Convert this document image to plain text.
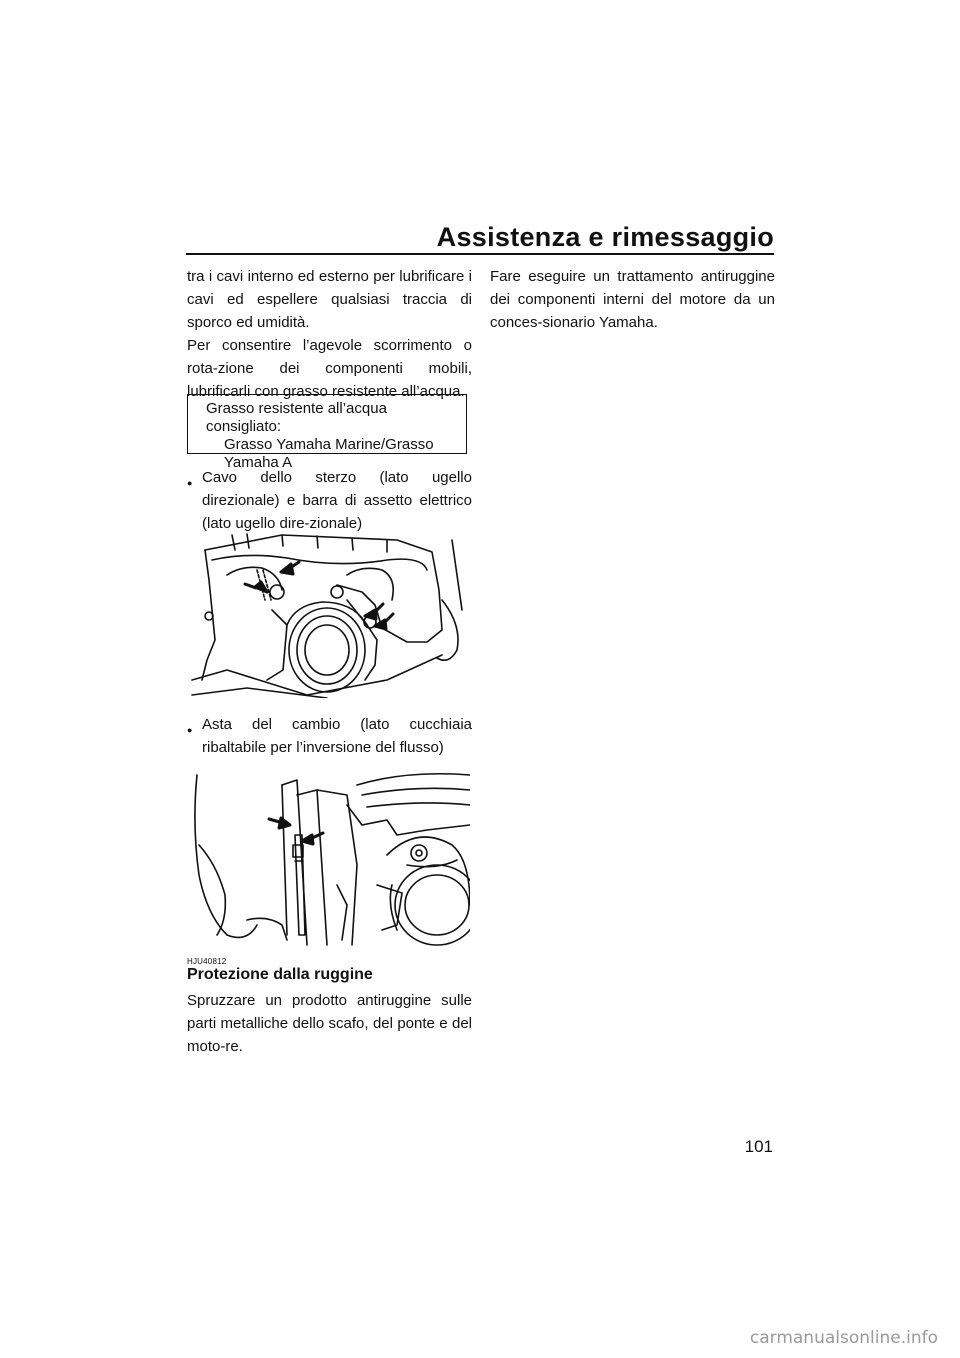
Assistenza e rimessaggio

tra i cavi interno ed esterno per lubrificare i cavi ed espellere qualsiasi traccia di sporco ed umidità.

Per consentire l’agevole scorrimento o rota-zione dei componenti mobili, lubrificarli con grasso resistente all’acqua.

Grasso resistente all’acqua consigliato:
Grasso Yamaha Marine/Grasso
Yamaha A
● Cavo dello sterzo (lato ugello direzionale) e barra di assetto elettrico (lato ugello dire-zionale)
● Asta del cambio (lato cucchiaia ribaltabile per l’inversione del flusso)
HJU40812
Protezione dalla ruggine

Spruzzare un prodotto antiruggine sulle parti metalliche dello scafo, del ponte e del moto-re.

Fare eseguire un trattamento antiruggine dei componenti interni del motore da un conces-sionario Yamaha.

101
carmanualsonline.info
